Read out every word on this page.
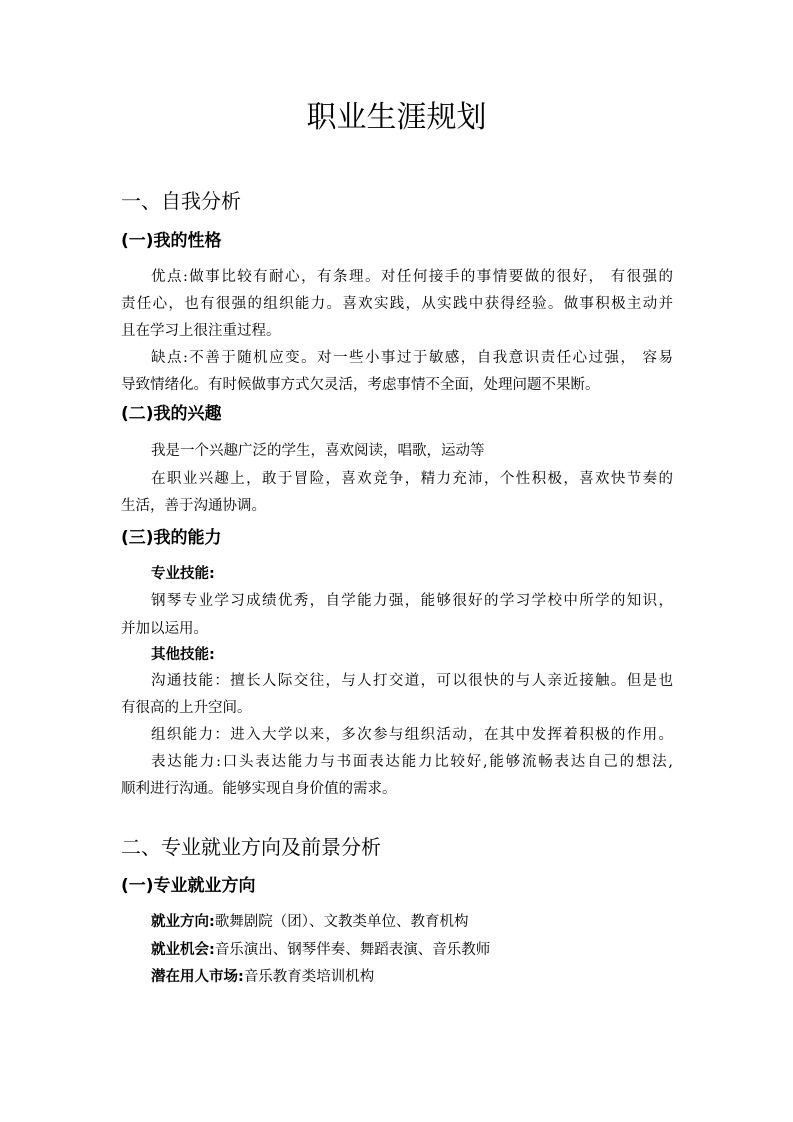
职业生涯规划
一、自我分析
(一)我的性格
优点:做事比较有耐心，有条理。对任何接手的事情要做的很好， 有很强的
责任心，也有很强的组织能力。喜欢实践，从实践中获得经验。做事积极主动并
且在学习上很注重过程。
缺点:不善于随机应变。对一些小事过于敏感，自我意识责任心过强， 容易
导致情绪化。有时候做事方式欠灵活，考虑事情不全面，处理问题不果断。
(二)我的兴趣
我是一个兴趣广泛的学生，喜欢阅读，唱歌，运动等
在职业兴趣上，敢于冒险，喜欢竞争，精力充沛，个性积极，喜欢快节奏的
生活，善于沟通协调。
(三)我的能力
专业技能:
钢琴专业学习成绩优秀，自学能力强，能够很好的学习学校中所学的知识，
并加以运用。
其他技能:
沟通技能：擅长人际交往，与人打交道，可以很快的与人亲近接触。但是也
有很高的上升空间。
组织能力：进入大学以来，多次参与组织活动，在其中发挥着积极的作用。
表达能力:口头表达能力与书面表达能力比较好,能够流畅表达自己的想法,
顺利进行沟通。能够实现自身价值的需求。
二、专业就业方向及前景分析
(一)专业就业方向
就业方向:歌舞剧院（团）、文教类单位、教育机构
就业机会:音乐演出、钢琴伴奏、舞蹈表演、音乐教师
潜在用人市场:音乐教育类培训机构
